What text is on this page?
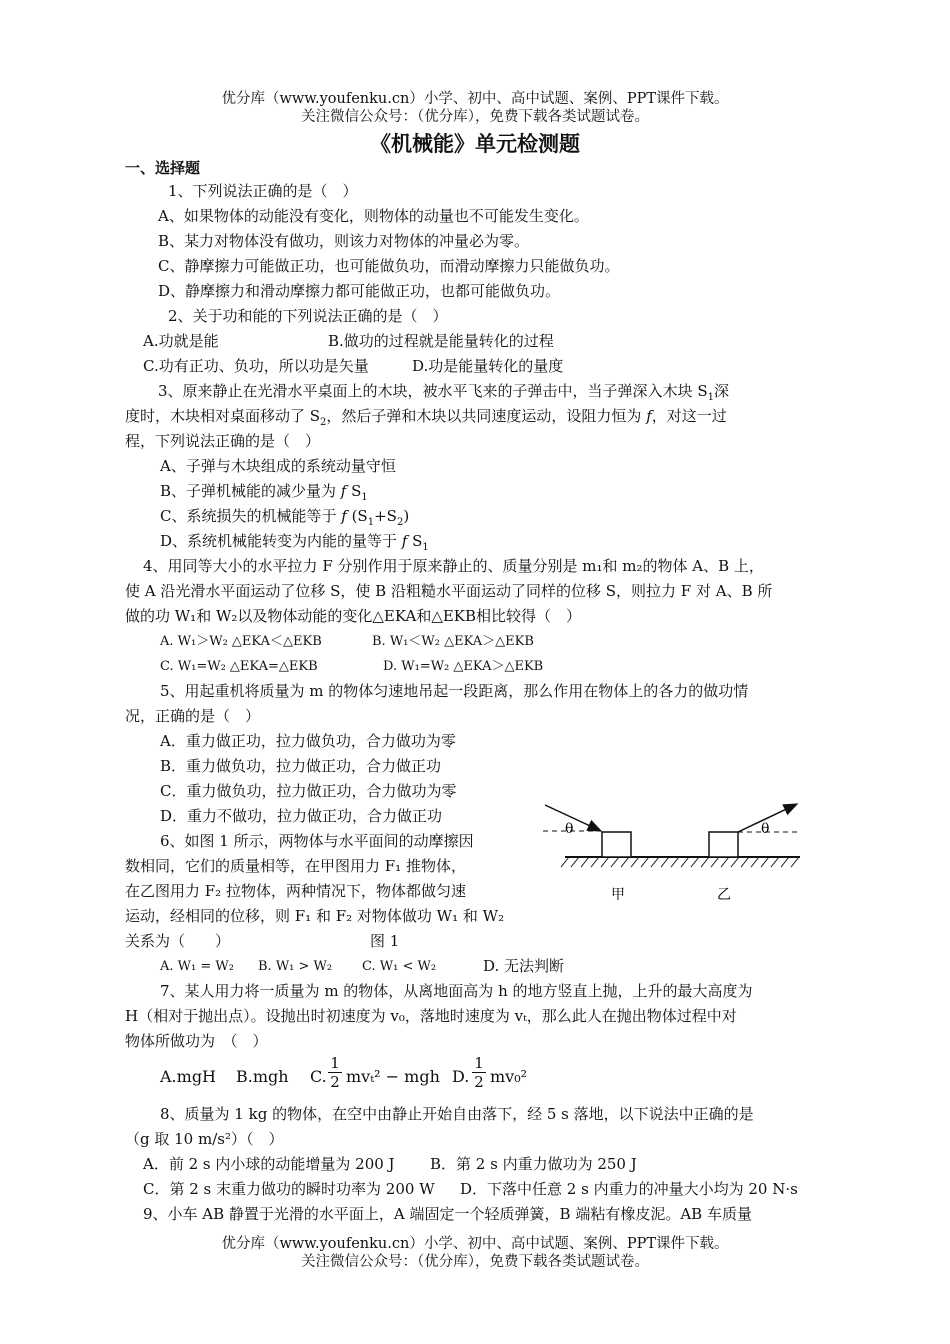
优分库（www.youfenku.cn）小学、初中、高中试题、案例、PPT课件下载。
关注微信公众号：（优分库），免费下载各类试题试卷。
《机械能》单元检测题
一、选择题
1、下列说法正确的是（　）
A、如果物体的动能没有变化，则物体的动量也不可能发生变化。
B、某力对物体没有做功，则该力对物体的冲量必为零。
C、静摩擦力可能做正功，也可能做负功，而滑动摩擦力只能做负功。
D、静摩擦力和滑动摩擦力都可能做正功，也都可能做负功。
2、关于功和能的下列说法正确的是（　）
A.功就是能	B.做功的过程就是能量转化的过程
C.功有正功、负功，所以功是矢量	D.功是能量转化的量度
3、原来静止在光滑水平桌面上的木块，被水平飞来的子弹击中，当子弹深入木块 $S_1$深
度时，木块相对桌面移动了 $S_2$，然后子弹和木块以共同速度运动，设阻力恒为 f，对这一过
程，下列说法正确的是（　）
A、子弹与木块组成的系统动量守恒
B、子弹机械能的减少量为 f $S_1$
C、系统损失的机械能等于 f $(S_1+S_2)$
D、系统机械能转变为内能的量等于 f $S_1$
4、用同等大小的水平拉力 F 分别作用于原来静止的、质量分别是 m₁和 m₂的物体 A、B 上，
使 A 沿光滑水平面运动了位移 S，使 B 沿粗糙水平面运动了同样的位移 S，则拉力 F 对 A、B 所
做的功 W₁和 W₂以及物体动能的变化△EKA和△EKB相比较得（　）
A. W₁＞W₂ △EKA＜△EKB	B. W₁＜W₂ △EKA＞△EKB
C. W₁=W₂ △EKA=△EKB	D. W₁=W₂ △EKA＞△EKB
5、用起重机将质量为 m 的物体匀速地吊起一段距离，那么作用在物体上的各力的做功情
况，正确的是（　）
A．重力做正功，拉力做负功，合力做功为零
B．重力做负功，拉力做正功，合力做正功
C．重力做负功，拉力做正功，合力做功为零
D．重力不做功，拉力做正功，合力做正功
6、如图 1 所示，两物体与水平面间的动摩擦因
数相同，它们的质量相等，在甲图用力 F₁ 推物体，
在乙图用力 F₂ 拉物体，两种情况下，物体都做匀速
运动，经相同的位移，则 F₁ 和 F₂ 对物体做功 W₁ 和 W₂
关系为（　　）	图 1
A. W₁ = W₂ B. W₁ > W₂ C. W₁ < W₂	D. 无法判断
θ	θ
甲	乙
7、某人用力将一质量为 m 的物体，从离地面高为 h 的地方竖直上抛，上升的最大高度为
H（相对于抛出点）。设抛出时初速度为 v₀，落地时速度为 vₜ，那么此人在抛出物体过程中对
物体所做功为　（　）
A.mgH B.mgh C.
1
2 mvₜ² − mgh D.
1
2 mv₀²
8、质量为 1 kg 的物体，在空中由静止开始自由落下，经 5 s 落地，以下说法中正确的是
（g 取 10 m/s²）（　）
A．前 2 s 内小球的动能增量为 200 J B．第 2 s 内重力做功为 250 J
C．第 2 s 末重力做功的瞬时功率为 200 W D．下落中任意 2 s 内重力的冲量大小均为 20 N·s
9、小车 AB 静置于光滑的水平面上，A 端固定一个轻质弹簧，B 端粘有橡皮泥。AB 车质量
优分库（www.youfenku.cn）小学、初中、高中试题、案例、PPT课件下载。
关注微信公众号：（优分库），免费下载各类试题试卷。
